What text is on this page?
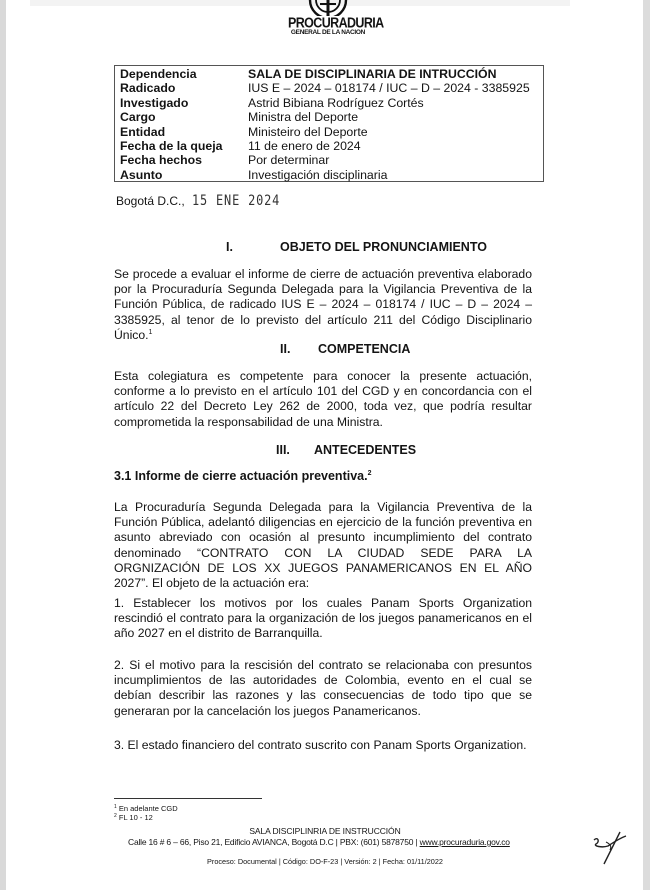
PROCURADURIA
GENERAL DE LA NACION
Dependencia	SALA DE DISCIPLINARIA DE INTRUCCIÓN
Radicado	IUS E – 2024 – 018174 / IUC – D – 2024 - 3385925
Investigado	Astrid Bibiana Rodríguez Cortés
Cargo	Ministra del Deporte
Entidad	Ministeiro del Deporte
Fecha de la queja	11 de enero de 2024
Fecha hechos	Por determinar
Asunto	Investigación disciplinaria
Bogotá D.C., 15 ENE 2024
I.	OBJETO DEL PRONUNCIAMIENTO
Se procede a evaluar el informe de cierre de actuación preventiva elaborado por la Procuraduría Segunda Delegada para la Vigilancia Preventiva de la Función Pública, de radicado IUS E – 2024 – 018174 / IUC – D – 2024 – 3385925, al tenor de lo previsto del artículo 211 del Código Disciplinario Único.$^1$
II. COMPETENCIA
Esta colegiatura es competente para conocer la presente actuación, conforme a lo previsto en el artículo 101 del CGD y en concordancia con el artículo 22 del Decreto Ley 262 de 2000, toda vez, que podría resultar comprometida la responsabilidad de una Ministra.
III. ANTECEDENTES
3.1 Informe de cierre actuación preventiva.$^2$
La Procuraduría Segunda Delegada para la Vigilancia Preventiva de la Función Pública, adelantó diligencias en ejercicio de la función preventiva en asunto abreviado con ocasión al presunto incumplimiento del contrato denominado “CONTRATO CON LA CIUDAD SEDE PARA LA ORGNIZACIÓN DE LOS XX JUEGOS PANAMERICANOS EN EL AÑO 2027”. El objeto de la actuación era:
1. Establecer los motivos por los cuales Panam Sports Organization rescindió el contrato para la organización de los juegos panamericanos en el año 2027 en el distrito de Barranquilla.
2. Si el motivo para la rescisión del contrato se relacionaba con presuntos incumplimientos de las autoridades de Colombia, evento en el cual se debían describir las razones y las consecuencias de todo tipo que se generaran por la cancelación los juegos Panamericanos.
3. El estado financiero del contrato suscrito con Panam Sports Organization.
$^1$ En adelante CGD
$^2$ FL 10 - 12
SALA DISCIPLINRIA DE INSTRUCCIÓN
Calle 16 # 6 – 66, Piso 21, Edificio AVIANCA, Bogotá D.C | PBX: (601) 5878750 | www.procuraduria.gov.co
Proceso: Documental | Código: DO-F-23 | Versión: 2 | Fecha: 01/11/2022
